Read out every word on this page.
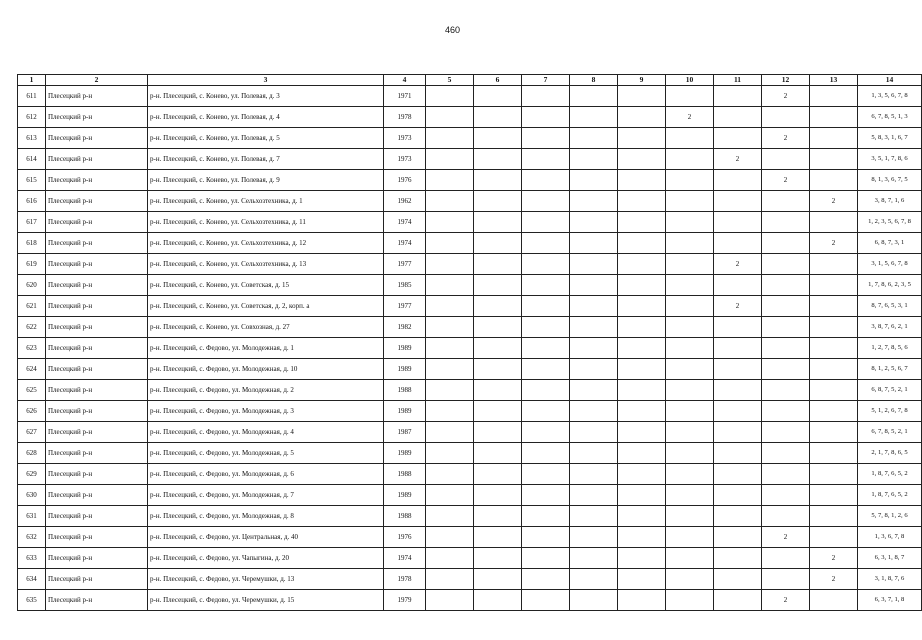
460
1	2	3	4	5	6	7	8	9	10	11	12	13	14
611	Плесецкий р-н	р-н. Плесецкий, с. Конево, ул. Полевая, д. 3	1971								2		1, 3, 5, 6, 7, 8
612	Плесецкий р-н	р-н. Плесецкий, с. Конево, ул. Полевая, д. 4	1978						2				6, 7, 8, 5, 1, 3
613	Плесецкий р-н	р-н. Плесецкий, с. Конево, ул. Полевая, д. 5	1973								2		5, 8, 3, 1, 6, 7
614	Плесецкий р-н	р-н. Плесецкий, с. Конево, ул. Полевая, д. 7	1973							2			3, 5, 1, 7, 8, 6
615	Плесецкий р-н	р-н. Плесецкий, с. Конево, ул. Полевая, д. 9	1976								2		8, 1, 3, 6, 7, 5
616	Плесецкий р-н	р-н. Плесецкий, с. Конево, ул. Сельхозтехника, д. 1	1962									2	3, 8, 7, 1, 6
617	Плесецкий р-н	р-н. Плесецкий, с. Конево, ул. Сельхозтехника, д. 11	1974										1, 2, 3, 5, 6, 7, 8
618	Плесецкий р-н	р-н. Плесецкий, с. Конево, ул. Сельхозтехника, д. 12	1974									2	6, 8, 7, 3, 1
619	Плесецкий р-н	р-н. Плесецкий, с. Конево, ул. Сельхозтехника, д. 13	1977							2			3, 1, 5, 6, 7, 8
620	Плесецкий р-н	р-н. Плесецкий, с. Конево, ул. Советская, д. 15	1985										1, 7, 8, 6, 2, 3, 5
621	Плесецкий р-н	р-н. Плесецкий, с. Конево, ул. Советская, д. 2, корп. а	1977							2			8, 7, 6, 5, 3, 1
622	Плесецкий р-н	р-н. Плесецкий, с. Конево, ул. Совхозная, д. 27	1982										3, 8, 7, 6, 2, 1
623	Плесецкий р-н	р-н. Плесецкий, с. Федово, ул. Молодежная, д. 1	1989										1, 2, 7, 8, 5, 6
624	Плесецкий р-н	р-н. Плесецкий, с. Федово, ул. Молодежная, д. 10	1989										8, 1, 2, 5, 6, 7
625	Плесецкий р-н	р-н. Плесецкий, с. Федово, ул. Молодежная, д. 2	1988										6, 8, 7, 5, 2, 1
626	Плесецкий р-н	р-н. Плесецкий, с. Федово, ул. Молодежная, д. 3	1989										5, 1, 2, 6, 7, 8
627	Плесецкий р-н	р-н. Плесецкий, с. Федово, ул. Молодежная, д. 4	1987										6, 7, 8, 5, 2, 1
628	Плесецкий р-н	р-н. Плесецкий, с. Федово, ул. Молодежная, д. 5	1989										2, 1, 7, 8, 6, 5
629	Плесецкий р-н	р-н. Плесецкий, с. Федово, ул. Молодежная, д. 6	1988										1, 8, 7, 6, 5, 2
630	Плесецкий р-н	р-н. Плесецкий, с. Федово, ул. Молодежная, д. 7	1989										1, 8, 7, 6, 5, 2
631	Плесецкий р-н	р-н. Плесецкий, с. Федово, ул. Молодежная, д. 8	1988										5, 7, 8, 1, 2, 6
632	Плесецкий р-н	р-н. Плесецкий, с. Федово, ул. Центральная, д. 40	1976								2		1, 3, 6, 7, 8
633	Плесецкий р-н	р-н. Плесецкий, с. Федово, ул. Чапыгина, д. 20	1974									2	6, 3, 1, 8, 7
634	Плесецкий р-н	р-н. Плесецкий, с. Федово, ул. Черемушки, д. 13	1978									2	3, 1, 8, 7, 6
635	Плесецкий р-н	р-н. Плесецкий, с. Федово, ул. Черемушки, д. 15	1979								2		6, 3, 7, 1, 8
